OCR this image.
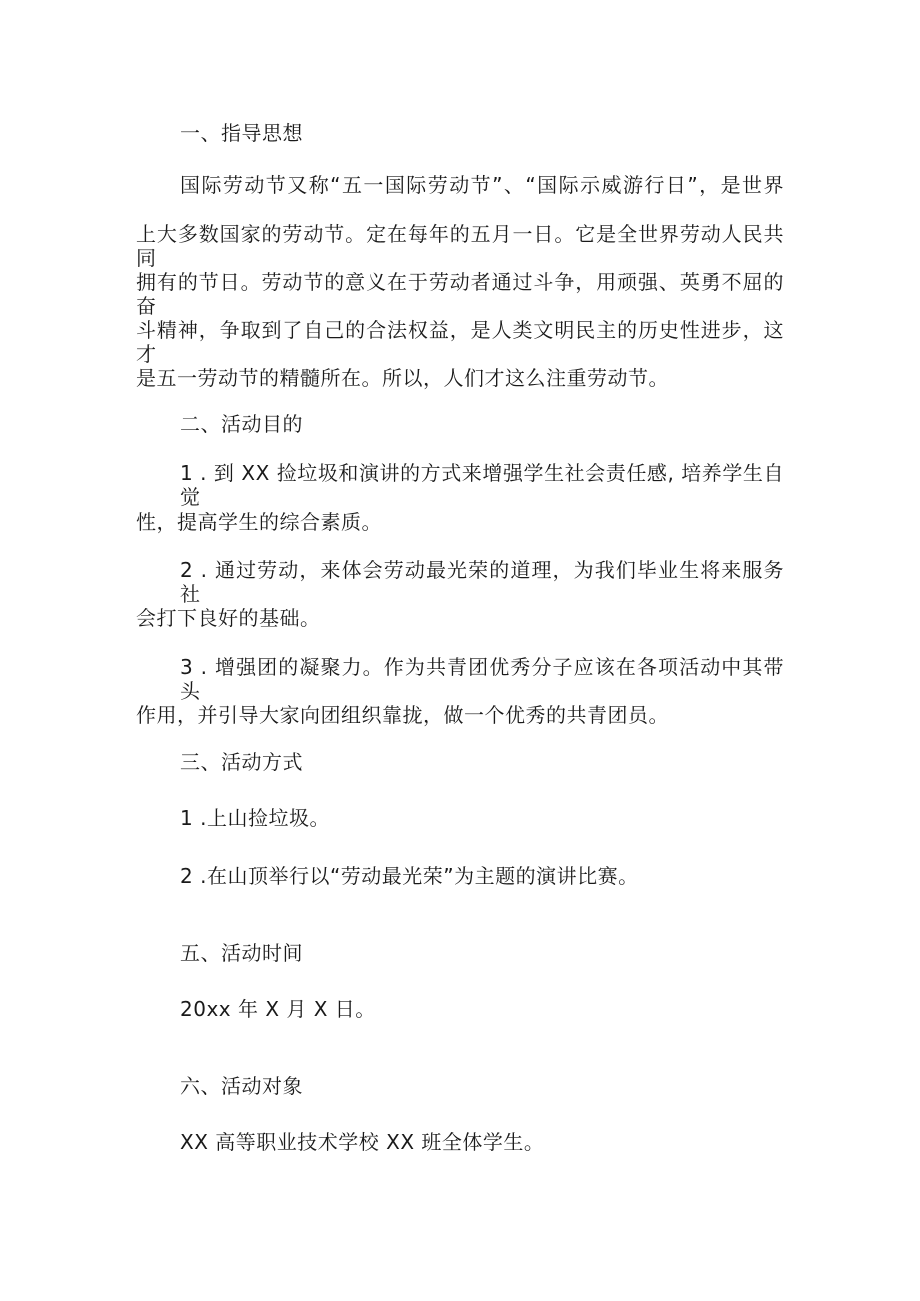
一、指导思想
国际劳动节又称“五一国际劳动节”、“国际示威游行日”，是世界
上大多数国家的劳动节。定在每年的五月一日。它是全世界劳动人民共同
拥有的节日。劳动节的意义在于劳动者通过斗争，用顽强、英勇不屈的奋
斗精神，争取到了自己的合法权益，是人类文明民主的历史性进步，这才
是五一劳动节的精髓所在。所以，人们才这么注重劳动节。
二、活动目的
1 . 到 XX 捡垃圾和演讲的方式来增强学生社会责任感, 培养学生自觉
性，提高学生的综合素质。
2 . 通过劳动，来体会劳动最光荣的道理，为我们毕业生将来服务社
会打下良好的基础。
3 . 增强团的凝聚力。作为共青团优秀分子应该在各项活动中其带头
作用，并引导大家向团组织靠拢，做一个优秀的共青团员。
三、活动方式
1 .上山捡垃圾。
2 .在山顶举行以“劳动最光荣”为主题的演讲比赛。
五、活动时间
20xx 年 X 月 X 日。
六、活动对象
XX 高等职业技术学校 XX 班全体学生。
